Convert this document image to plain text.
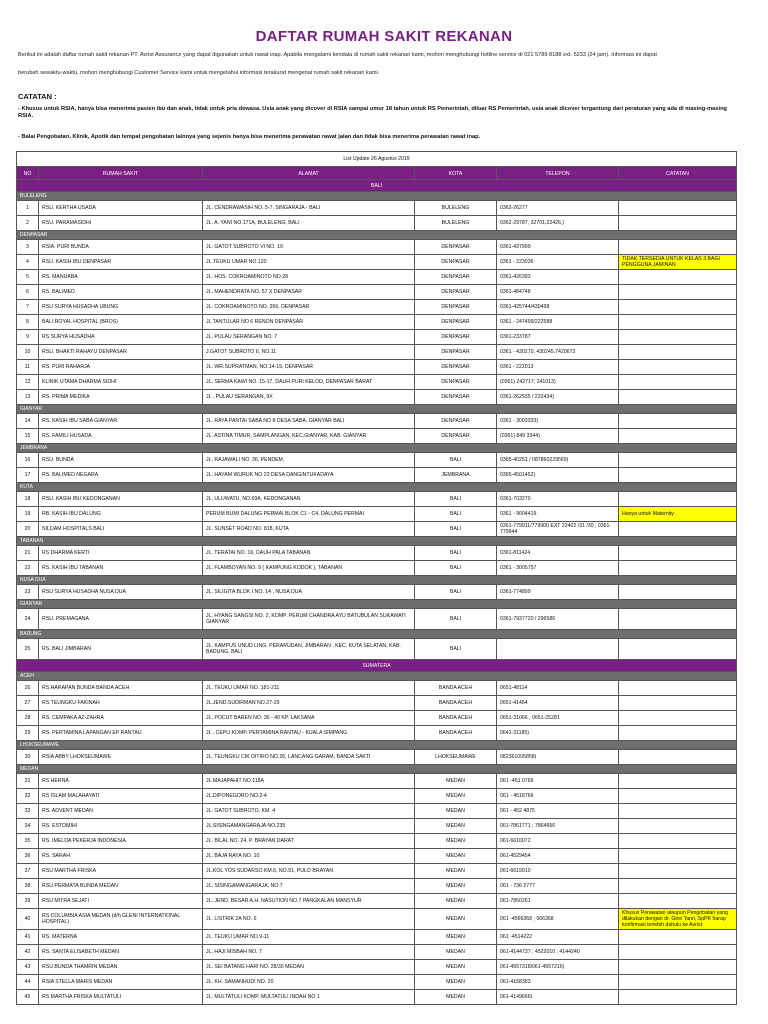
DAFTAR RUMAH SAKIT REKANAN
Berikut ini adalah daftar rumah sakit rekanan PT. Avrist Assurance yang dapat digunakan untuk rawat inap. Apabila mengalami kendala di rumah sakit rekanan kami, mohon menghubungi hotline service di 021 5789 8188 ext. 5233 (24 jam). Informasi ini dapat
berubah sewaktu-waktu, mohon menghubungi Customer Service kami untuk mengetahui informasi terakurat mengenai rumah sakit rekanan kami.
CATATAN :
- Khusus untuk RSIA, hanya bisa menerima pasien ibu dan anak, tidak untuk pria dewasa. Usia anak yang dicover di RSIA sampai umur 18 tahun untuk RS Pemerintah, diluar RS Pemerintah, usia anak dicover tergantung dari peraturan yang ada di masing-masing RSIA.
- Balai Pengobatan, Klinik, Apotik dan tempat pengobatan lainnya yang sejenis hanya bisa menerima perawatan rawat jalan dan tidak bisa menerima perawatan rawat inap.
List Update 26 Agustus 2019
NO	RUMAH SAKIT	ALAMAT	KOTA	TELEPON	CATATAN
BALI					
BULELENG					
1	RSU. KERTHA USADA	JL. CENDRAWASIH NO. 5-7, SINGARAJA - BALI	BULELENG	0362-26277	
2	RSU. PARAMASIDHI	JL. A. YANI NO.171A, BULELENG, BALI	BULELENG	0362-29787, 32701,22426,)	
DENPASAR					
3	RSIA. PURI BUNDA	JL. GATOT SUBROTO VI NO. 19	DENPASAR	0361-437999	
4	RSU. KASIH IBU DENPASAR	JL.TEUKU UMAR NO.120	DENPASAR	0361 - 223036	TIDAK TERSEDIA UNTUK KELAS 3 BAGI PENGGUNA JAMINAN
5	RS. MANUABA	JL. HOS. COKROAMINOTO NO.28	DENPASAR	0361-426393	
6	RS. BALIMED	JL. MAHENDRATA NO. 57 X DENPASAR	DENPASAR	0361-484748	
7	RSU SURYA HUSADHA UBUNG	JL. COKROAMINOTO NO. 356, DENPASAR	DENPASAR	0361-425744/430498	
8	BALI ROYAL HOSPITAL (BROS)	JL TANTULAR NO 6 RENON DENPASAR	DENPASAR	0361 - 247499/222588	
9	RS SURYA HUSADHA	JL. PULAU SERANGAN NO. 7	DENPASAR	0361-233787	
10	RSU. BHAKTI RAHAYU DENPASAR	J.GATOT SUBROTO II, NO.11	DENPASAR	0361 - 430270, 430245,7420673	
11	RS. PURI RAHARJA	JL. WR.SUPRATMAN, NO.14-19, DENPASAR	DENPASAR	0361 - 222013	
12	KLINIK UTAMA DHARMA SIDHI	JL. SERMA KAWI NO. 15-17, DAUH PURI KELOD, DENPASAR BARAT	DENPASAR	(0361) 242717; 241013)	
13	RS. PRIMA MEDIKA	JL . PULAU SERANGAN, 9X	DENPASAR	0361-262535 / 232434)	
GIANYAR					
14	RS. KASIH IBU SABA GIANYAR	JL. RAYA PANTAI SABA NO 8 DESA SABA, GIANYAR BALI	DENPASAR	0361 - 3003333)	
15	RS. FAMILI HUSADA	JL. ASTINA TIMUR, SAMPLANGAN, KEC.GIANYAR, KAB. GIANYAR	DENPASAR	(0361) 849 3344)	
JEMBRANA					
16	RSU. BUNDA	JL. RAJAWALI NO. 36, PENDEM,	BALI	0365-40251 / 087860229569)	
17	RS. BALIMED NEGARA	JL. HAYAM WURUK NO 23 DESA DANGINTUKADAYA	JEMBRANA	0365-4501452)	
KUTA					
18	RSU. KASIH IBU KEDONGANAN	JL. ULUWATU, NO.69A, KEDONGANAN	BALI	0361-703270	
19	RB. KASIH IBU DALUNG	PERUM BUMI DALUNG PERMAI BLOK C1 - C4, DALUNG PERMAI	BALI	0361 - 9004419	Hanya untuk Maternity
20	SILOAM HOSPITALS BALI	JL. SUNSET ROAD NO. 818, KUTA	BALI	0361-779911/779900 EXT 22402 /31 /30 ; 0361-779944	
TABANAN					
21	RS DHARMA KERTI	JL. TERATAI NO. 16, DAUH PALA TABANAN	BALI	0361-811424	
22	RS. KASIH IBU TABANAN	JL. FLAMBOYAN NO. 9 ( KAMPUNG KODOK ), TABANAN	BALI	0361 - 3005757	
NUSA DUA					
23	RSU SURYA HUSADHA NUSA DUA	JL. SILIGITA BLOK I NO. 14 , NUSA DUA	BALI	0361-774899	
GIANYAR					
24	RSU. PREMAGANA	JL. HYANG SANGSI NO. 2, KOMP. PERUM CHANDRA AYU BATUBULAN SUKAWATI GIANYAR	BALI	0361-7937720 / 296586	
BADUNG					
25	RS. BALI JIMBARAN	JL. KAMPUS UNUD LING. PERARUDAN, JIMBARAN , KEC. KUTA SELATAN, KAB. BADUNG, BALI	BALI		
SUMATERA					
ACEH					
26	RS.HARAPAN BUNDA BANDA ACEH	JL. TEUKU UMAR NO. 181-211	BANDA ACEH	0651-48114	
27	RS.TEUNGKU FAKINAH	JL.JEND.SUDIRMAN NO.27-29	BANDA ACEH	0651-41454	
28	RS. CEMPAKA AZ-ZAHRA	JL. POCUT BAREN NO. 36 - 40 KP. LAKSANA	BANDA ACEH	0651-31066 ; 0651-25281	
29	RS. PERTAMINA LAPANGAN EP RANTAU	JL . CEPU KOMP. PERTAMINA RANTAU - KUALA SIMPANG	BANDA ACEH	0641-31185)	
LHOKSEUMAWE					
30	RSIA ABBY LHOKSEUMAWE	JL. TEUNGKU CIK DITIRO NO.26, LANCANG GARAM, BANDA SAKTI	LHOKSEUMAWE	082361005858)	
MEDAN					
31	RS HERNA	JL.MAJAPAHIT NO.118A	MEDAN	061 -451 0766	
32	RS ISLAM MALAHAYATI	JL.DIPONEGORO NO.2-4	MEDAN	061 - 4518766	
33	RS. ADVENT MEDAN	JL. GATOT SUBROTO, KM. 4	MEDAN	061 - 452 4875	
34	RS. ESTOMIHI	JL.SISINGAMANGARAJA NO.235	MEDAN	061-7861771 ; 7864656	
35	RS. IMELDA PEKERJA INDONESIA	JL. BILAL NO. 24, P. BRAYAN DARAT	MEDAN	061-6610072	
36	RS. SARAH	JL. BAJA RAYA NO. 10	MEDAN	061-4529454	
37	RSU MARTHA FRISKA	JL.KOL YOS SUDARSO KM.6, NO.91, PULO BRAYAN	MEDAN	061-6619910	
38	RSU PERMATA BUNDA MEDAN	JL. SISINGAMANGARAJA, NO.7	MEDAN	061 - 736 2777	
39	RSU MITRA SEJATI	JL. JEND. BESAR A.H. NASUTION NO.7 PANGKALAN MANSYUR	MEDAN	061-7850261	
40	RS COLUMBIA ASIA MEDAN (d/h GLENI INTERNATIONAL HOSPITAL)	JL. LISTRIK 2A NO. 6	MEDAN	061 -4566368 ; 566368	Khusus Perawatan ataupun Pengobatan yang dilakukan dengan dr. Gino Tann, SpPK harap konfirmasi terlebih dahulu ke Avrist
41	RS. MATERNA	JL. TEUKU UMAR NO.9-11	MEDAN	061 -4514222	
42	RS. SANTA ELISABETH MEDAN	JL. HAJI MISBAH NO. 7	MEDAN	061-4144737 ; 4522010 ; 4144240	
43	RSU BUNDA THAMRIN MEDAN	JL. SEI BATANG HARI NO. 28/30 MEDAN	MEDAN	061-4557318/061-4557216)	
44	RSIA STELLA MARIS MEDAN	JL. KH. SAMANHUDI NO. 20	MEDAN	061-4158383	
45	RS MARTHA FRISKA MULTATULI	JL. MULTATULI KOMP. MULTATULI INDAH NO 1	MEDAN	061-4149666)	
